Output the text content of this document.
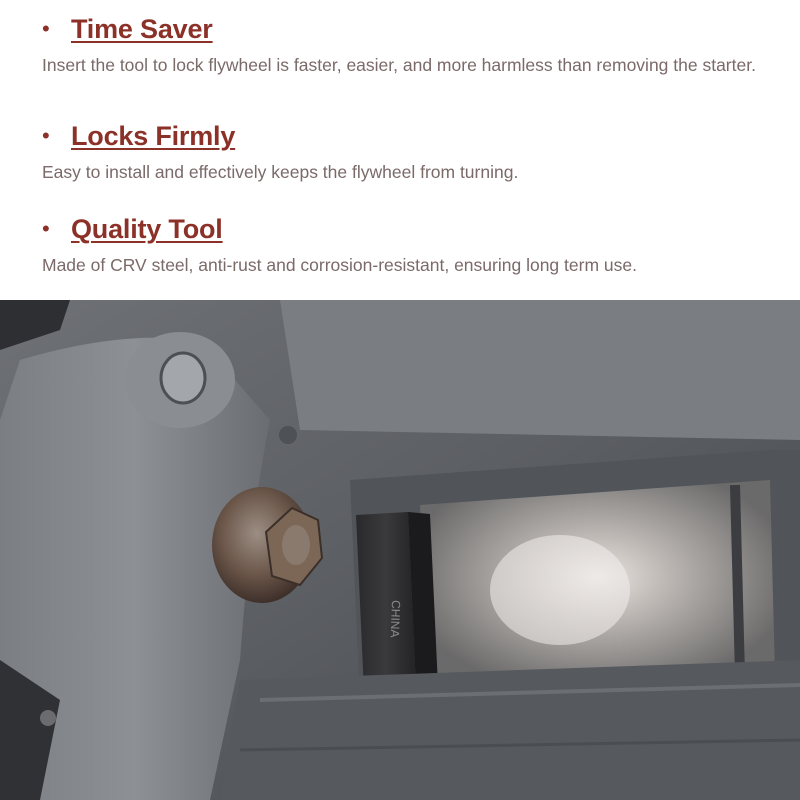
• Time Saver
Insert the tool to lock flywheel is faster, easier, and more harmless than removing the starter.
• Locks Firmly
Easy to install and effectively keeps the flywheel from turning.
• Quality Tool
Made of CRV steel, anti-rust and corrosion-resistant, ensuring long term use.
CHINA
